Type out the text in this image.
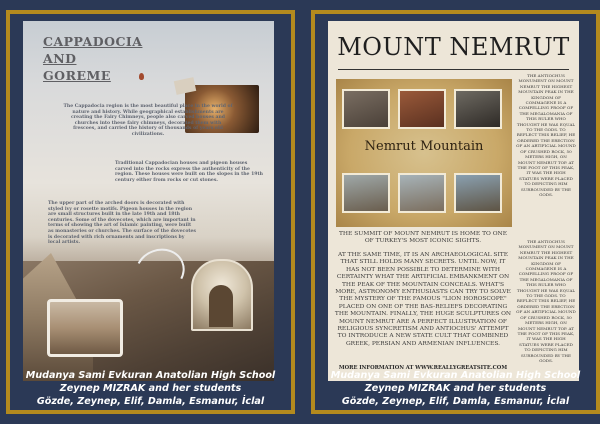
CAPPADOCIA
AND
GOREME
The Cappadocia region is the most beautiful place in the world of nature and history. While geographical establishments are creating the Fairy Chimneys, people also carved houses and churches into these fairy chimneys, decorated them with frescoes, and carried the history of thousands of years old civilizations.
Traditional Cappadocian houses and pigeon houses carved into the rocks express the authenticity of the region. These houses were built on the slopes in the 19th century either from rocks or cut stones.
The upper part of the arched doors is decorated with styled ivy or rosette motifs. Pigeon houses in the region are small structures built in the late 19th and 18th centuries. Some of the dovecotes, which are important in terms of showing the art of Islamic painting, were built as monasteries or churches. The surface of the dovecotes is decorated with rich ornaments and inscriptions by local artists.
Mudanya Sami Evkuran Anatolian High School
Zeynep MIZRAK and her students
Gözde, Zeynep, Elif, Damla, Esmanur, İclal
MOUNT NEMRUT
Nemrut Mountain
THE ANTIOCHUS MONUMENT ON MOUNT NEMRUT THE HIGHEST MOUNTAIN PEAK IN THE KINGDOM OF COMMAGENE IS A COMPELLING PROOF OF THE MEGALOMANIA OF THIS RULER WHO THOUGHT HE WAS EQUAL TO THE GODS. TO REFLECT THIS BELIEF, HE ORDERED THE ERECTION OF AN ARTIFICIAL MOUND OF CRUSHED ROCK, 50 METERS HIGH, ON MOUNT NEMRUT TOP. AT THE FOOT OF THIS PEAK, IT WAS THE HIGH STATUES WERE PLACED TO DEPICTING HIM SURROUNDED BY THE GODS.
THE ANTIOCHUS MONUMENT ON MOUNT NEMRUT THE HIGHEST MOUNTAIN PEAK IN THE KINGDOM OF COMMAGENE IS A COMPELLING PROOF OF THE MEGALOMANIA OF THIS RULER WHO THOUGHT HE WAS EQUAL TO THE GODS. TO REFLECT THIS BELIEF, HE ORDERED THE ERECTION OF AN ARTIFICIAL MOUND OF CRUSHED ROCK, 50 METERS HIGH, ON MOUNT NEMRUT TOP. AT THE FOOT OF THIS PEAK, IT WAS THE HIGH STATUES WERE PLACED TO DEPICTING HIM SURROUNDED BY THE GODS.
THE SUMMIT OF MOUNT NEMRUT IS HOME TO ONE OF TURKEY'S MOST ICONIC SIGHTS.
AT THE SAME TIME, IT IS AN ARCHAEOLOGICAL SITE THAT STILL HOLDS MANY SECRETS. UNTIL NOW, IT HAS NOT BEEN POSSIBLE TO DETERMINE WITH CERTAINTY WHAT THE ARTIFICIAL EMBANKMENT ON THE PEAK OF THE MOUNTAIN CONCEALS. WHAT'S MORE, ASTRONOMY ENTHUSIASTS CAN TRY TO SOLVE THE MYSTERY OF THE FAMOUS "LION HOROSCOPE" PLACED ON ONE OF THE BAS-RELIEFS DECORATING THE MOUNTAIN. FINALLY, THE HUGE SCULPTURES ON MOUNT NEMRUT ARE A PERFECT ILLUSTRATION OF RELIGIOUS SYNCRETISM AND ANTIOCHUS' ATTEMPT TO INTRODUCE A NEW STATE CULT THAT COMBINED GREEK, PERSIAN AND ARMENIAN INFLUENCES.
MORE INFORMATION AT WWW.REALLYGREATSITE.COM
Mudanya Sami Evkuran Anatolian High School
Zeynep MIZRAK and her students
Gözde, Zeynep, Elif, Damla, Esmanur, İclal
